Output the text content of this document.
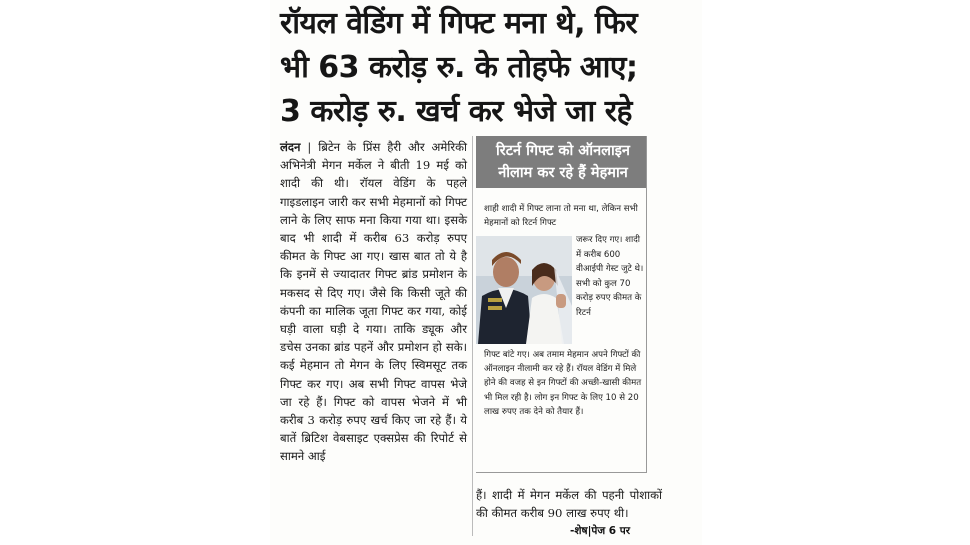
रॉयल वेडिंग में गिफ्ट मना थे, फिर
भी 63 करोड़ रु. के तोहफे आए;
3 करोड़ रु. खर्च कर भेजे जा रहे
लंदन | ब्रिटेन के प्रिंस हैरी और अमेरिकी अभिनेत्री मेगन मर्केल ने बीती 19 मई को शादी की थी। रॉयल वेडिंग के पहले गाइडलाइन जारी कर सभी मेहमानों को गिफ्ट लाने के लिए साफ मना किया गया था। इसके बाद भी शादी में करीब 63 करोड़ रुपए कीमत के गिफ्ट आ गए। खास बात तो ये है कि इनमें से ज्यादातर गिफ्ट ब्रांड प्रमोशन के मकसद से दिए गए। जैसे कि किसी जूते की कंपनी का मालिक जूता गिफ्ट कर गया, कोई घड़ी वाला घड़ी दे गया। ताकि ड्यूक और डचेस उनका ब्रांड पहनें और प्रमोशन हो सके। कई मेहमान तो मेगन के लिए स्विमसूट तक गिफ्ट कर गए। अब सभी गिफ्ट वापस भेजे जा रहे हैं। गिफ्ट को वापस भेजने में भी करीब 3 करोड़ रुपए खर्च किए जा रहे हैं। ये बातें ब्रिटिश वेबसाइट एक्सप्रेस की रिपोर्ट से सामने आई
रिटर्न गिफ्ट को ऑनलाइन
नीलाम कर रहे हैं मेहमान
शाही शादी में गिफ्ट लाना तो मना था, लेकिन सभी मेहमानों को रिटर्न गिफ्ट
जरूर दिए गए। शादी में करीब 600 वीआईपी गेस्ट जुटे थे। सभी को कुल 70 करोड़ रुपए कीमत के रिटर्न
गिफ्ट बांटे गए। अब तमाम मेहमान अपने गिफ्टों की ऑनलाइन नीलामी कर रहे हैं। रॉयल वेडिंग में मिले होने की वजह से इन गिफ्टों की अच्छी-खासी कीमत भी मिल रही है। लोग इन गिफ्ट के लिए 10 से 20 लाख रुपए तक देने को तैयार हैं।
हैं। शादी में मेगन मर्केल की पहनी पोशाकों की कीमत करीब 90 लाख रुपए थी।
-शेष|पेज 6 पर
